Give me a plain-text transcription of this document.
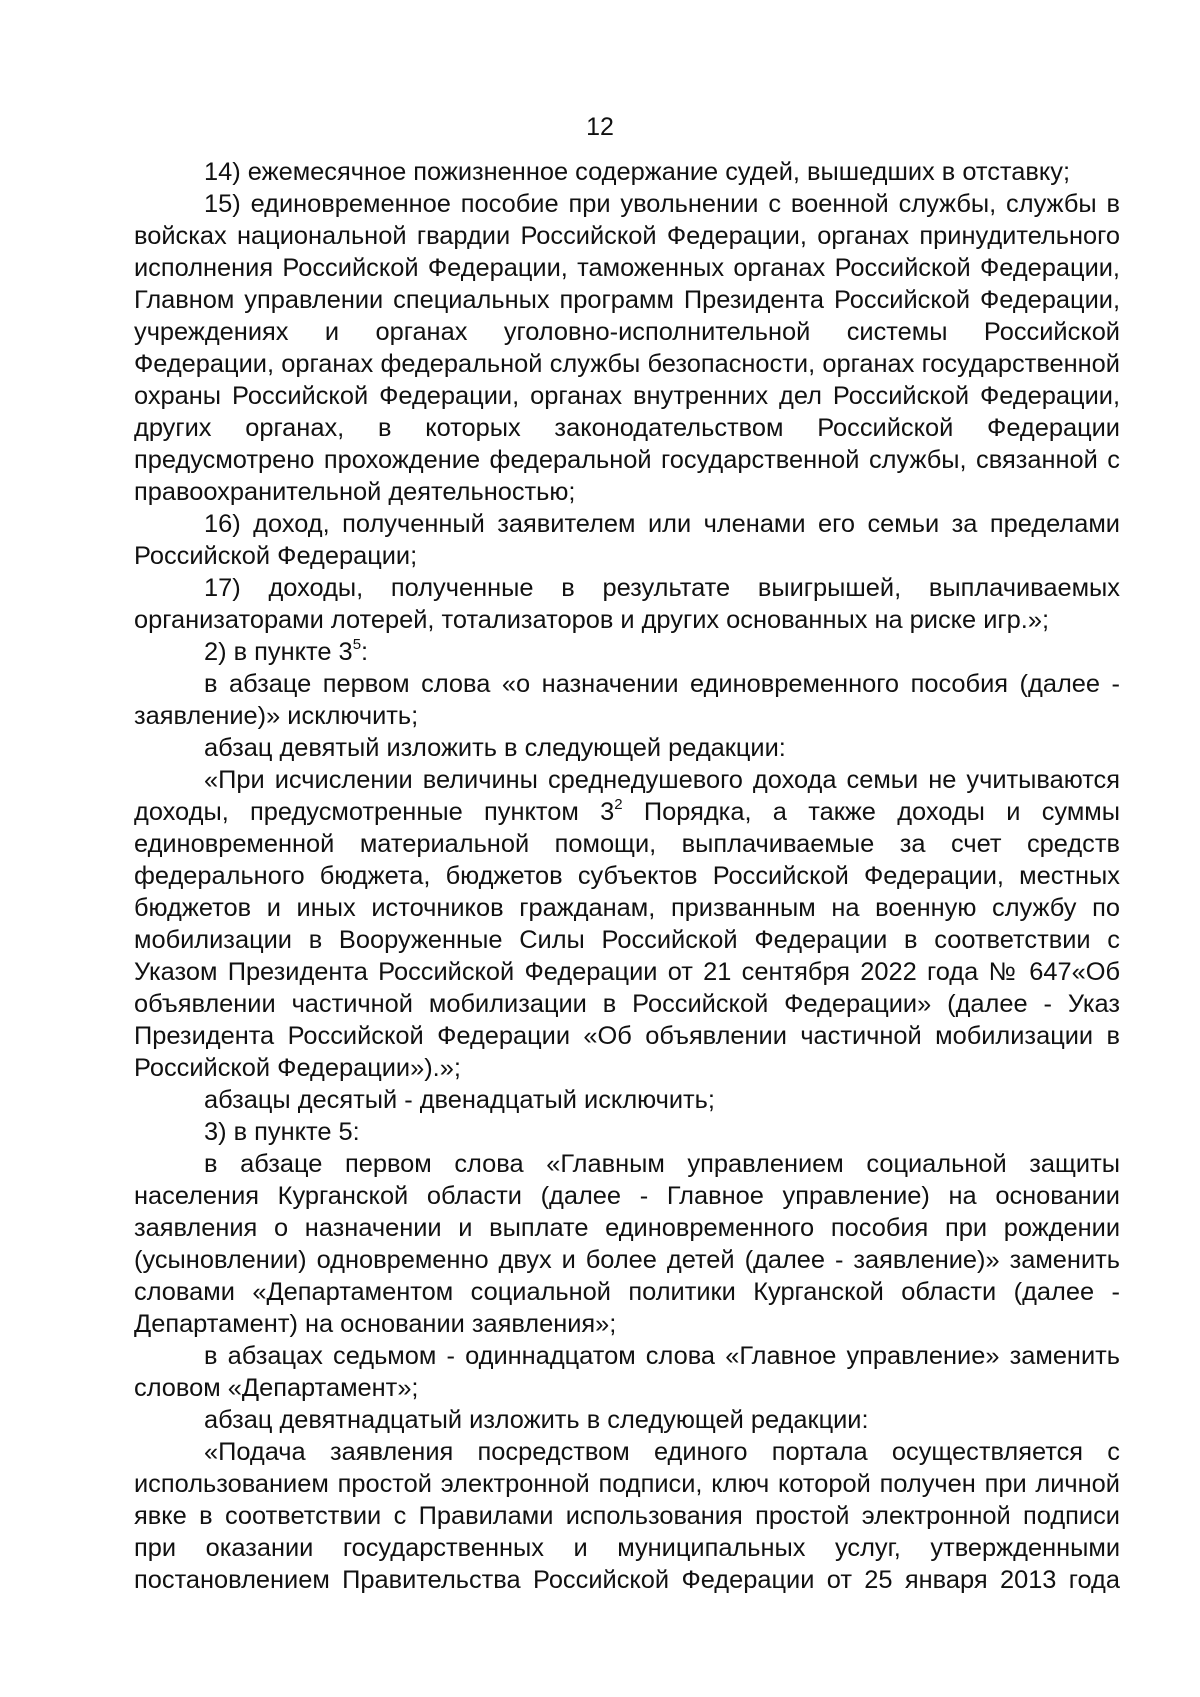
12

14) ежемесячное пожизненное содержание судей, вышедших в отставку;

15) единовременное пособие при увольнении с военной службы, службы в войсках национальной гвардии Российской Федерации, органах принудительного исполнения Российской Федерации, таможенных органах Российской Федерации, Главном управлении специальных программ Президента Российской Федерации, учреждениях и органах уголовно-исполнительной системы Российской Федерации, органах федеральной службы безопасности, органах государственной охраны Российской Федерации, органах внутренних дел Российской Федерации, других органах, в которых законодательством Российской Федерации предусмотрено прохождение федеральной государственной службы, связанной с правоохранительной деятельностью;

16) доход, полученный заявителем или членами его семьи за пределами Российской Федерации;

17) доходы, полученные в результате выигрышей, выплачиваемых организаторами лотерей, тотализаторов и других основанных на риске игр.»;

2) в пункте $3^5$:

в абзаце первом слова «о назначении единовременного пособия (далее - заявление)» исключить;

абзац девятый изложить в следующей редакции:

«При исчислении величины среднедушевого дохода семьи не учитываются доходы, предусмотренные пунктом $3^2$ Порядка, а также доходы и суммы единовременной материальной помощи, выплачиваемые за счет средств федерального бюджета, бюджетов субъектов Российской Федерации, местных бюджетов и иных источников гражданам, призванным на военную службу по мобилизации в Вооруженные Силы Российской Федерации в соответствии с Указом Президента Российской Федерации от 21 сентября 2022 года № 647«Об объявлении частичной мобилизации в Российской Федерации» (далее - Указ Президента Российской Федерации «Об объявлении частичной мобилизации в Российской Федерации»).»;

абзацы десятый - двенадцатый исключить;

3) в пункте 5:

в абзаце первом слова «Главным управлением социальной защиты населения Курганской области (далее - Главное управление) на основании заявления о назначении и выплате единовременного пособия при рождении (усыновлении) одновременно двух и более детей (далее - заявление)» заменить словами «Департаментом социальной политики Курганской области (далее - Департамент) на основании заявления»;

в абзацах седьмом - одиннадцатом слова «Главное управление» заменить словом «Департамент»;

абзац девятнадцатый изложить в следующей редакции:

«Подача заявления посредством единого портала осуществляется с использованием простой электронной подписи, ключ которой получен при личной явке в соответствии с Правилами использования простой электронной подписи при оказании государственных и муниципальных услуг, утвержденными постановлением Правительства Российской Федерации от 25 января 2013 года
